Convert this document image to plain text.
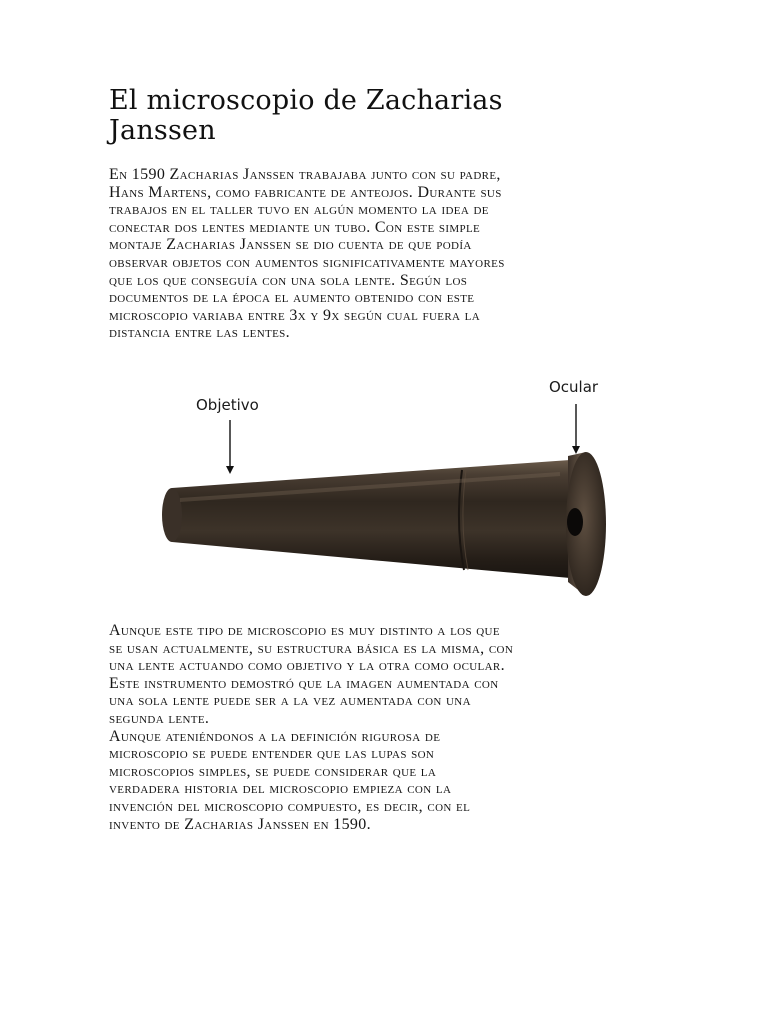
El microscopio de Zacharias
Janssen

En 1590 Zacharias Janssen trabajaba junto con su padre,
Hans Martens, como fabricante de anteojos. Durante sus
trabajos en el taller tuvo en algún momento la idea de
conectar dos lentes mediante un tubo. Con este simple
montaje Zacharias Janssen se dio cuenta de que podía
observar objetos con aumentos significativamente mayores
que los que conseguía con una sola lente. Según los
documentos de la época el aumento obtenido con este
microscopio variaba entre 3x y 9x según cual fuera la
distancia entre las lentes.

Objetivo
Ocular

Aunque este tipo de microscopio es muy distinto a los que
se usan actualmente, su estructura básica es la misma, con
una lente actuando como objetivo y la otra como ocular.
Este instrumento demostró que la imagen aumentada con
una sola lente puede ser a la vez aumentada con una
segunda lente.
Aunque ateniéndonos a la definición rigurosa de
microscopio se puede entender que las lupas son
microscopios simples, se puede considerar que la
verdadera historia del microscopio empieza con la
invención del microscopio compuesto, es decir, con el
invento de Zacharias Janssen en 1590.
